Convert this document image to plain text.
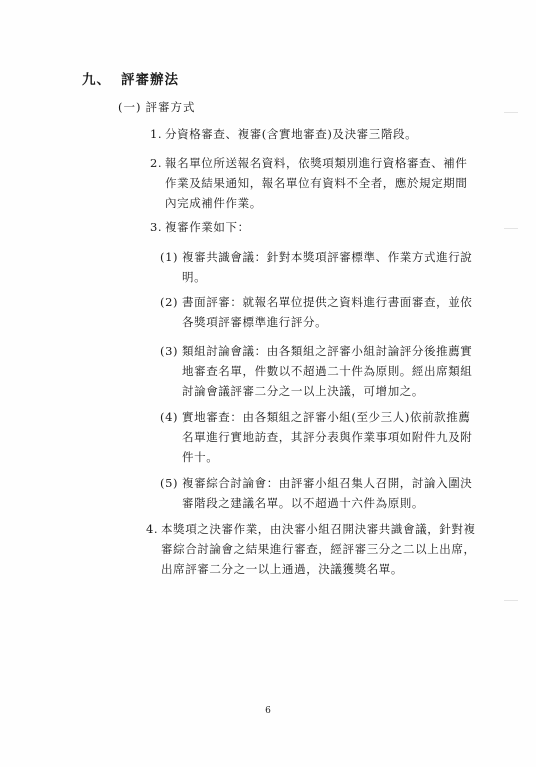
九、 評審辦法
(一) 評審方式
1. 分資格審查、複審(含實地審查)及決審三階段。
2. 報名單位所送報名資料，依獎項類別進行資格審查、補件作業及結果通知，報名單位有資料不全者，應於規定期間內完成補件作業。
3. 複審作業如下：
(1) 複審共識會議：針對本獎項評審標準、作業方式進行說明。
(2) 書面評審：就報名單位提供之資料進行書面審查，並依各獎項評審標準進行評分。
(3) 類組討論會議：由各類組之評審小組討論評分後推薦實地審查名單，件數以不超過二十件為原則。經出席類組討論會議評審二分之一以上決議，可增加之。
(4) 實地審查：由各類組之評審小組(至少三人)依前款推薦名單進行實地訪查，其評分表與作業事項如附件九及附件十。
(5) 複審綜合討論會：由評審小組召集人召開，討論入圍決審階段之建議名單。以不超過十六件為原則。
4. 本獎項之決審作業，由決審小組召開決審共識會議，針對複審綜合討論會之結果進行審查，經評審三分之二以上出席，出席評審二分之一以上通過，決議獲獎名單。
6
